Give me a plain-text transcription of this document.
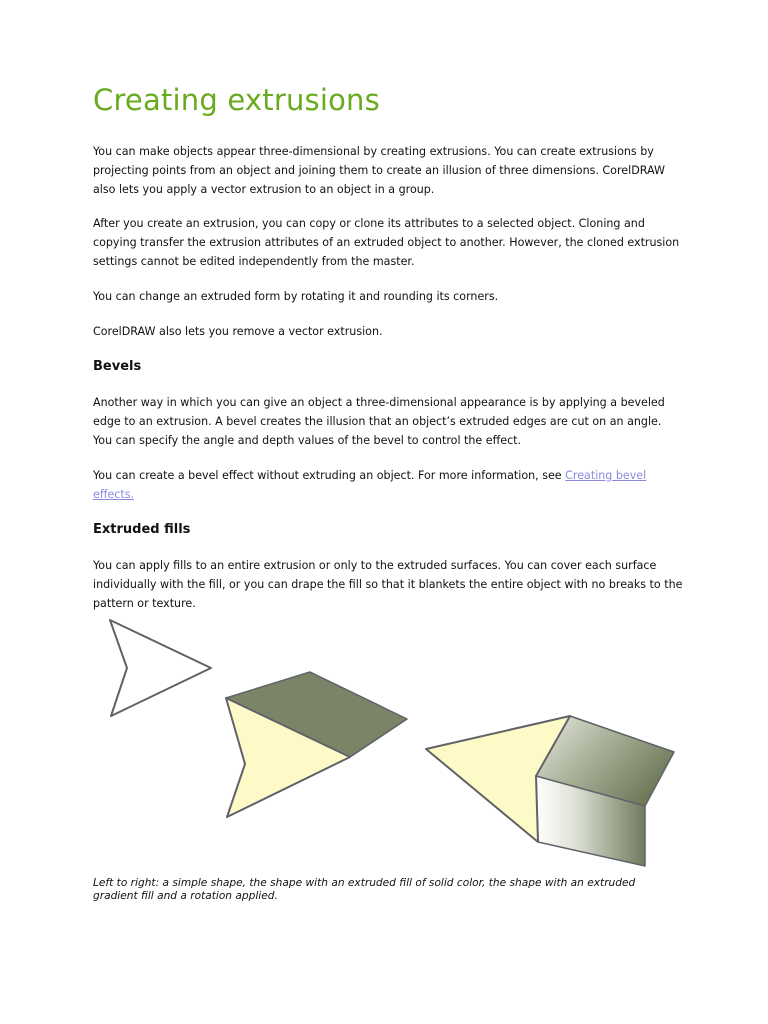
Creating extrusions

You can make objects appear three-dimensional by creating extrusions. You can create extrusions by projecting points from an object and joining them to create an illusion of three dimensions. CorelDRAW also lets you apply a vector extrusion to an object in a group.

After you create an extrusion, you can copy or clone its attributes to a selected object. Cloning and copying transfer the extrusion attributes of an extruded object to another. However, the cloned extrusion settings cannot be edited independently from the master.

You can change an extruded form by rotating it and rounding its corners.

CorelDRAW also lets you remove a vector extrusion.

Bevels

Another way in which you can give an object a three-dimensional appearance is by applying a beveled edge to an extrusion. A bevel creates the illusion that an object’s extruded edges are cut on an angle. You can specify the angle and depth values of the bevel to control the effect.

You can create a bevel effect without extruding an object. For more information, see Creating bevel effects.

Extruded fills

You can apply fills to an entire extrusion or only to the extruded surfaces. You can cover each surface individually with the fill, or you can drape the fill so that it blankets the entire object with no breaks to the pattern or texture.

Left to right: a simple shape, the shape with an extruded fill of solid color, the shape with an extruded gradient fill and a rotation applied.
